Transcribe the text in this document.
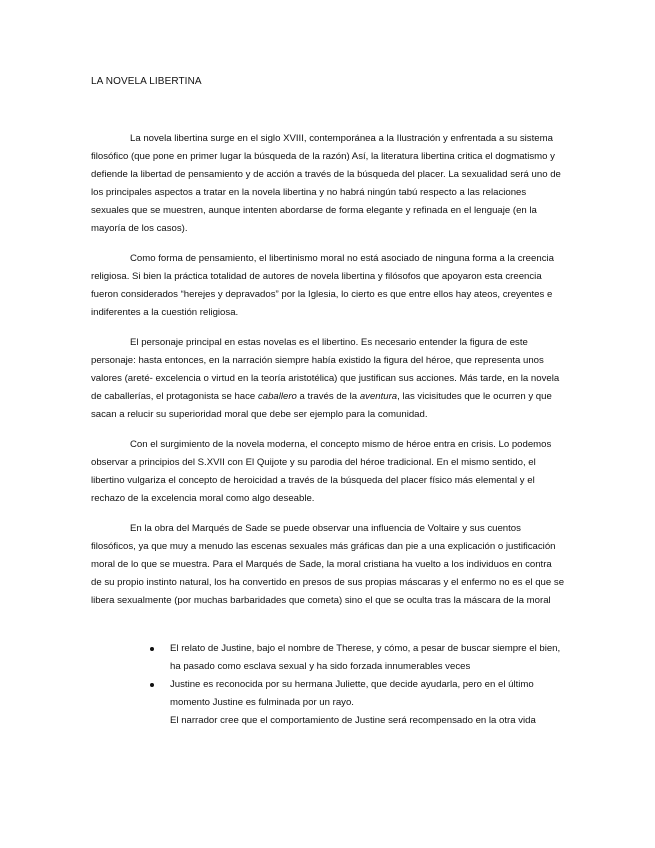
LA NOVELA LIBERTINA

La novela libertina surge en el siglo XVIII, contemporánea a la Ilustración y enfrentada a su sistema filosófico (que pone en primer lugar la búsqueda de la razón) Así, la literatura libertina critica el dogmatismo y defiende la libertad de pensamiento y de acción a través de la búsqueda del placer. La sexualidad será uno de los principales aspectos a tratar en la novela libertina y no habrá ningún tabú respecto a las relaciones sexuales que se muestren, aunque intenten abordarse de forma elegante y refinada en el lenguaje (en la mayoría de los casos).

Como forma de pensamiento, el libertinismo moral no está asociado de ninguna forma a la creencia religiosa. Si bien la práctica totalidad de autores de novela libertina y filósofos que apoyaron esta creencia fueron considerados “herejes y depravados” por la Iglesia, lo cierto es que entre ellos hay ateos, creyentes e indiferentes a la cuestión religiosa.

El personaje principal en estas novelas es el libertino. Es necesario entender la figura de este personaje: hasta entonces, en la narración siempre había existido la figura del héroe, que representa unos valores (areté- excelencia o virtud en la teoría aristotélica) que justifican sus acciones. Más tarde, en la novela de caballerías, el protagonista se hace caballero a través de la aventura, las vicisitudes que le ocurren y que sacan a relucir su superioridad moral que debe ser ejemplo para la comunidad.

Con el surgimiento de la novela moderna, el concepto mismo de héroe entra en crisis. Lo podemos observar a principios del S.XVII con El Quijote y su parodia del héroe tradicional. En el mismo sentido, el libertino vulgariza el concepto de heroicidad a través de la búsqueda del placer físico más elemental y el rechazo de la excelencia moral como algo deseable.

En la obra del Marqués de Sade se puede observar una influencia de Voltaire y sus cuentos filosóficos, ya que muy a menudo las escenas sexuales más gráficas dan pie a una explicación o justificación moral de lo que se muestra. Para el Marqués de Sade, la moral cristiana ha vuelto a los individuos en contra de su propio instinto natural, los ha convertido en presos de sus propias máscaras y el enfermo no es el que se libera sexualmente (por muchas barbaridades que cometa) sino el que se oculta tras la máscara de la moral

El relato de Justine, bajo el nombre de Therese, y cómo, a pesar de buscar siempre el bien, ha pasado como esclava sexual y ha sido forzada innumerables veces
Justine es reconocida por su hermana Juliette, que decide ayudarla, pero en el último momento Justine es fulminada por un rayo.
El narrador cree que el comportamiento de Justine será recompensado en la otra vida
